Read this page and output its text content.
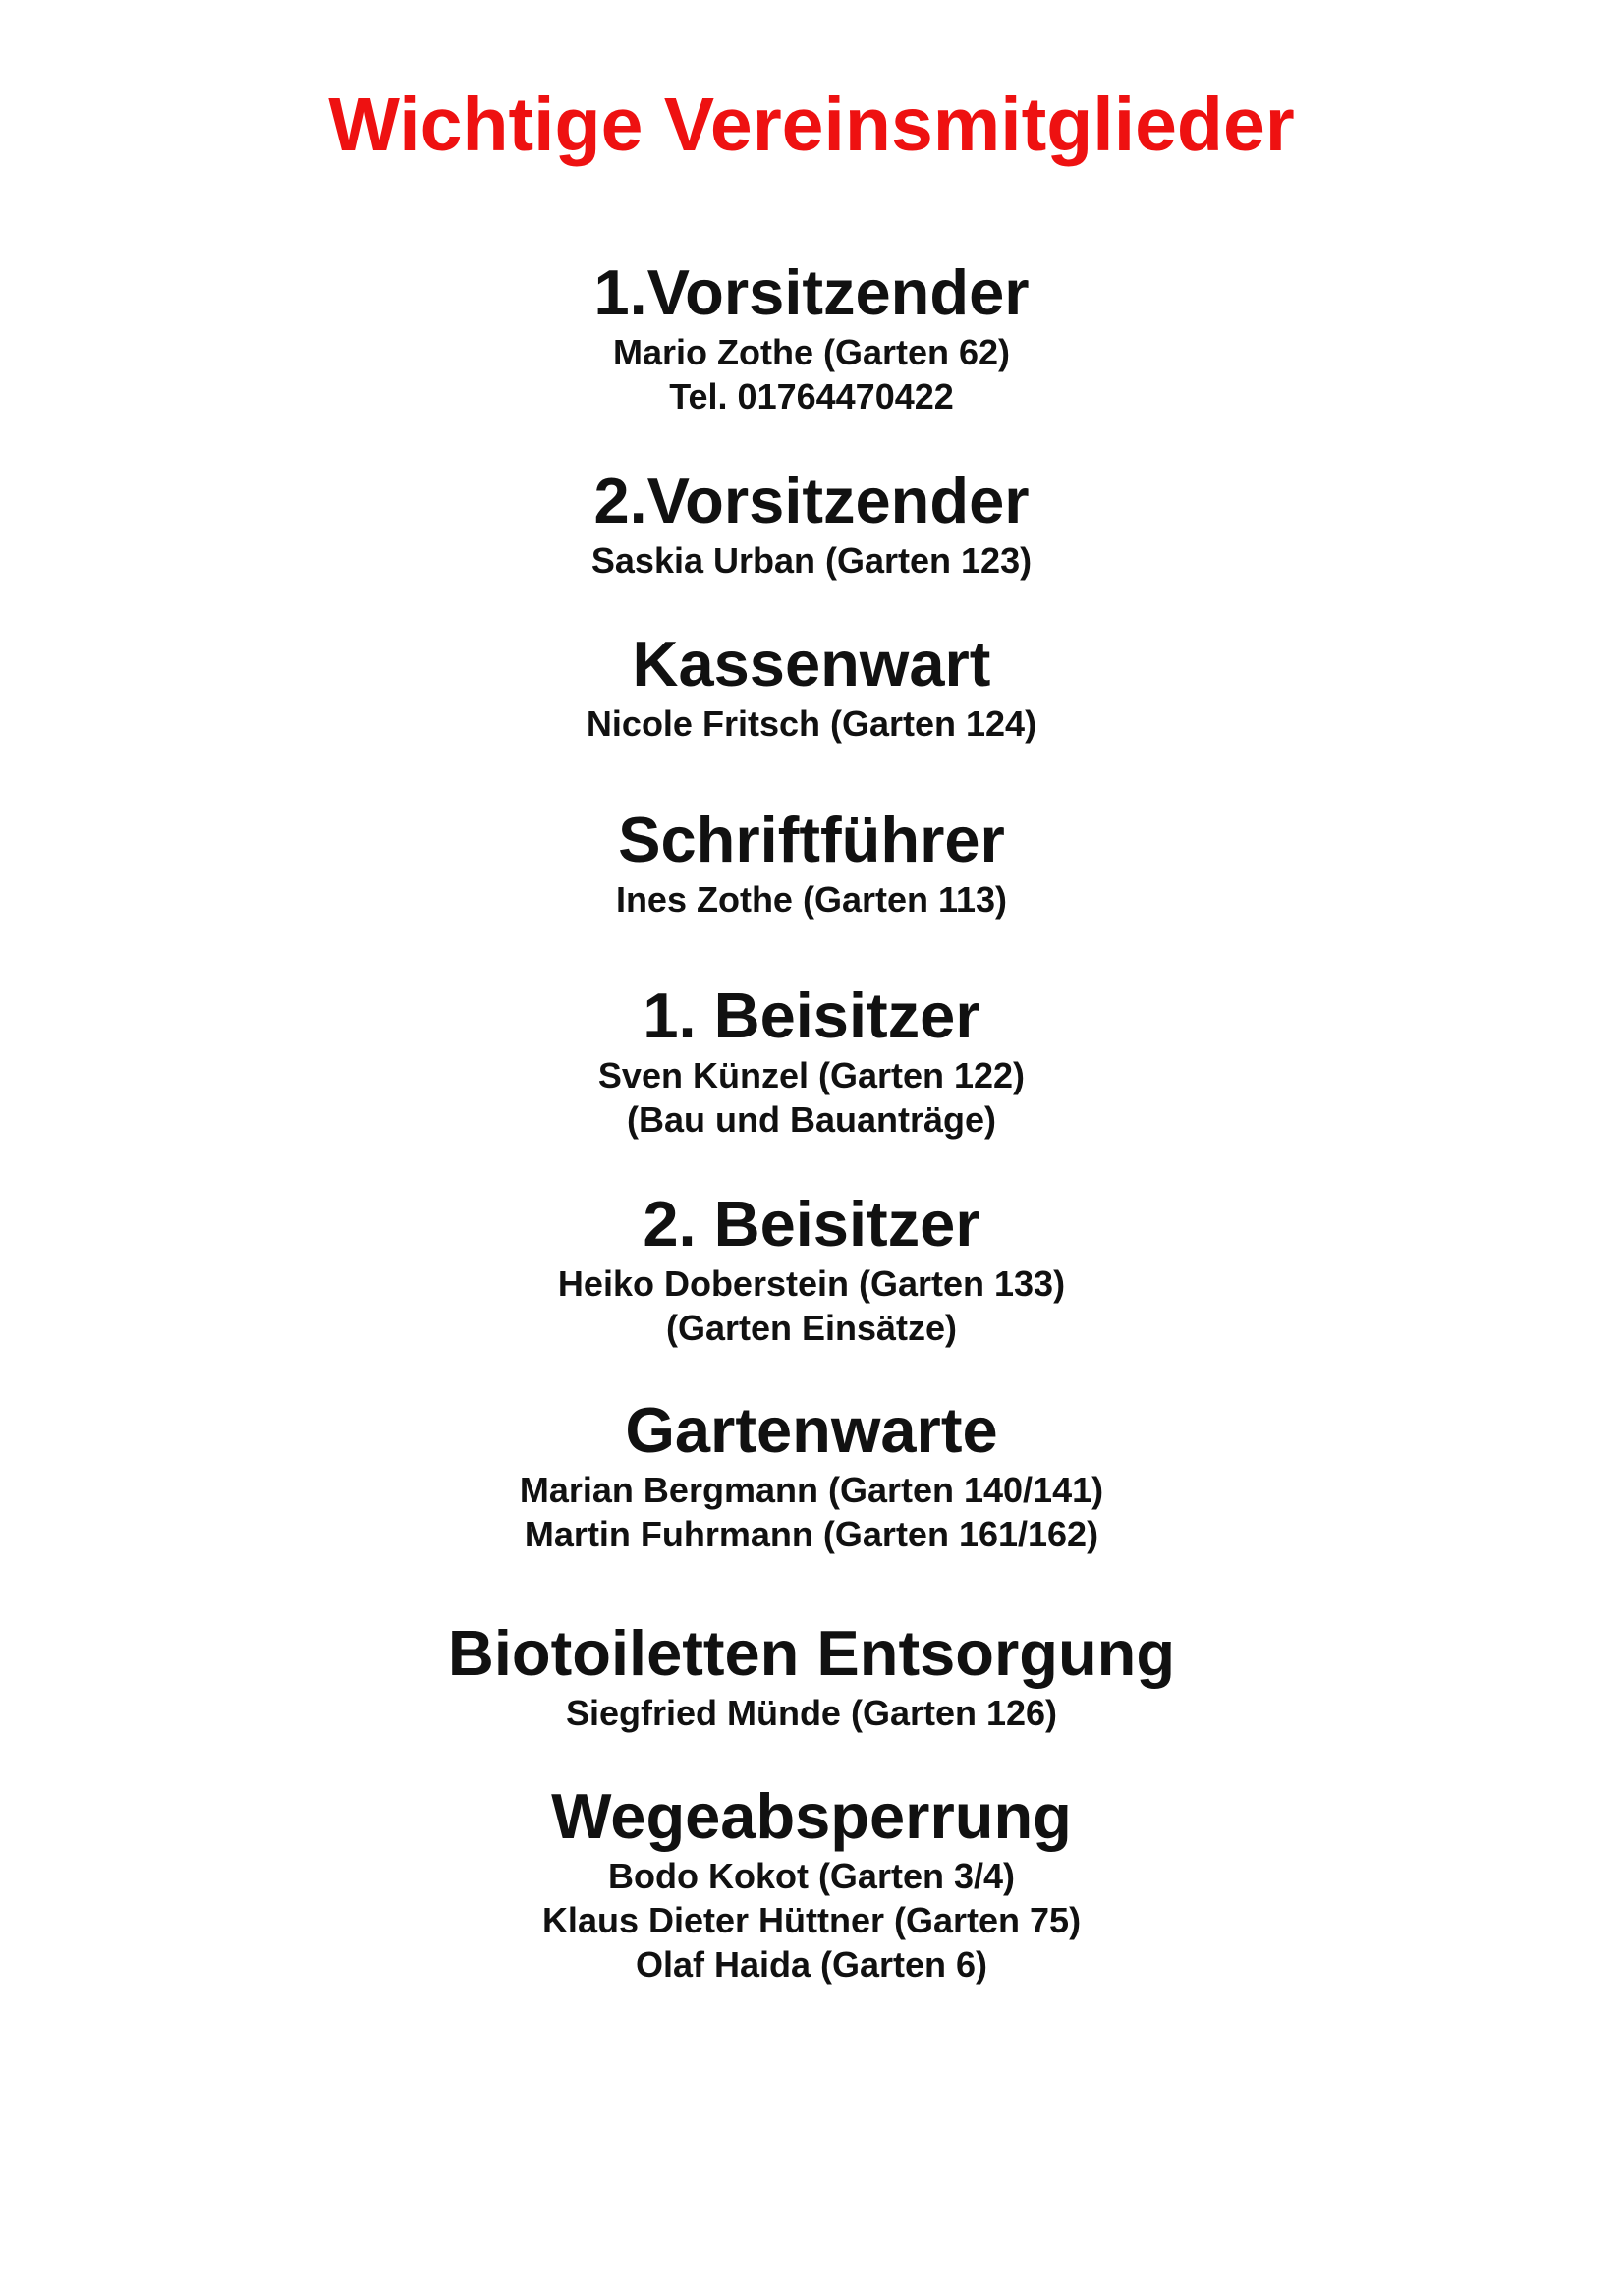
Wichtige Vereinsmitglieder
1.Vorsitzender

Mario Zothe (Garten 62)

Tel. 01764470422

2.Vorsitzender

Saskia Urban (Garten 123)

Kassenwart

Nicole Fritsch (Garten 124)

Schriftführer

Ines Zothe (Garten 113)

1. Beisitzer

Sven Künzel (Garten 122)

(Bau und Bauanträge)

2. Beisitzer

Heiko Doberstein (Garten 133)

(Garten Einsätze)

Gartenwarte

Marian Bergmann (Garten 140/141)

Martin Fuhrmann (Garten 161/162)

Biotoiletten Entsorgung

Siegfried Münde (Garten 126)

Wegeabsperrung

Bodo Kokot (Garten 3/4)

Klaus Dieter Hüttner (Garten 75)

Olaf Haida (Garten 6)
